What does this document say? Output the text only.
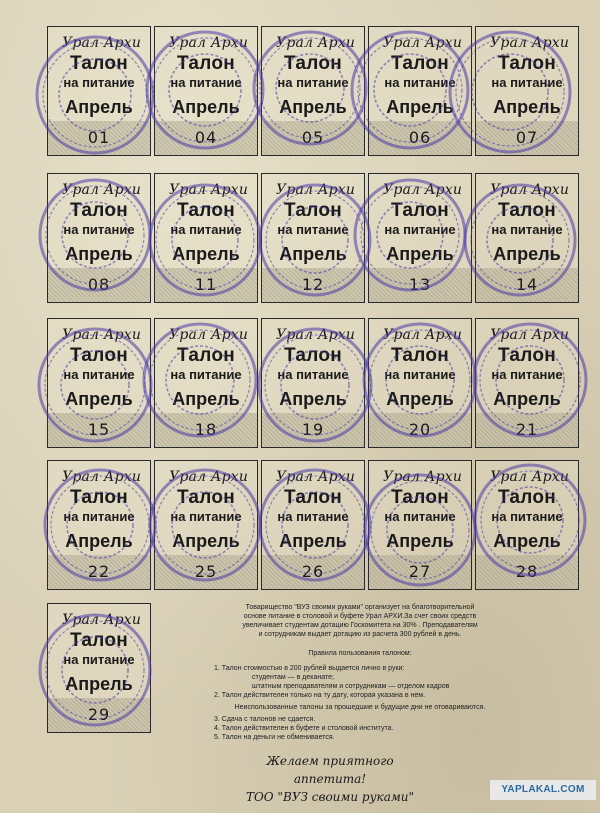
Урал Архи
Талон
на питание
Апрель
01
Урал Архи
Талон
на питание
Апрель
04
Урал Архи
Талон
на питание
Апрель
05
Урал Архи
Талон
на питание
Апрель
06
Урал Архи
Талон
на питание
Апрель
07
Урал Архи
Талон
на питание
Апрель
08
Урал Архи
Талон
на питание
Апрель
11
Урал Архи
Талон
на питание
Апрель
12
Урал Архи
Талон
на питание
Апрель
13
Урал Архи
Талон
на питание
Апрель
14
Урал Архи
Талон
на питание
Апрель
15
Урал Архи
Талон
на питание
Апрель
18
Урал Архи
Талон
на питание
Апрель
19
Урал Архи
Талон
на питание
Апрель
20
Урал Архи
Талон
на питание
Апрель
21
Урал Архи
Талон
на питание
Апрель
22
Урал Архи
Талон
на питание
Апрель
25
Урал Архи
Талон
на питание
Апрель
26
Урал Архи
Талон
на питание
Апрель
27
Урал Архи
Талон
на питание
Апрель
28
Урал Архи
Талон
на питание
Апрель
29

Товарищество "ВУЗ своими руками" организует на благотворительной

основе питание в столовой и буфете Урал АРХИ.За счет своих средств

увеличивает студентам дотацию Госкомитета на 30% . Преподавателям

и сотрудникам выдает дотацию из расчета 300 рублей в день.

Правила пользования талоном:

1. Талон стоимостью в 200 рублей выдается лично в руки:

студентам — в деканате;

штатным преподавателям и сотрудникам — отделом кадров

2. Талон действителен только на ту дату, которая указана в нем.

Неиспользованные талоны за прошедшие и будущие дни не отовариваются.

3. Сдача с талонов не сдается.

4. Талон действителен в буфете и столовой института.

5. Талон на деньги не обменивается.

Желаем приятного аппетита!
ТОО "ВУЗ своими руками"
YAPLAKAL.COM
